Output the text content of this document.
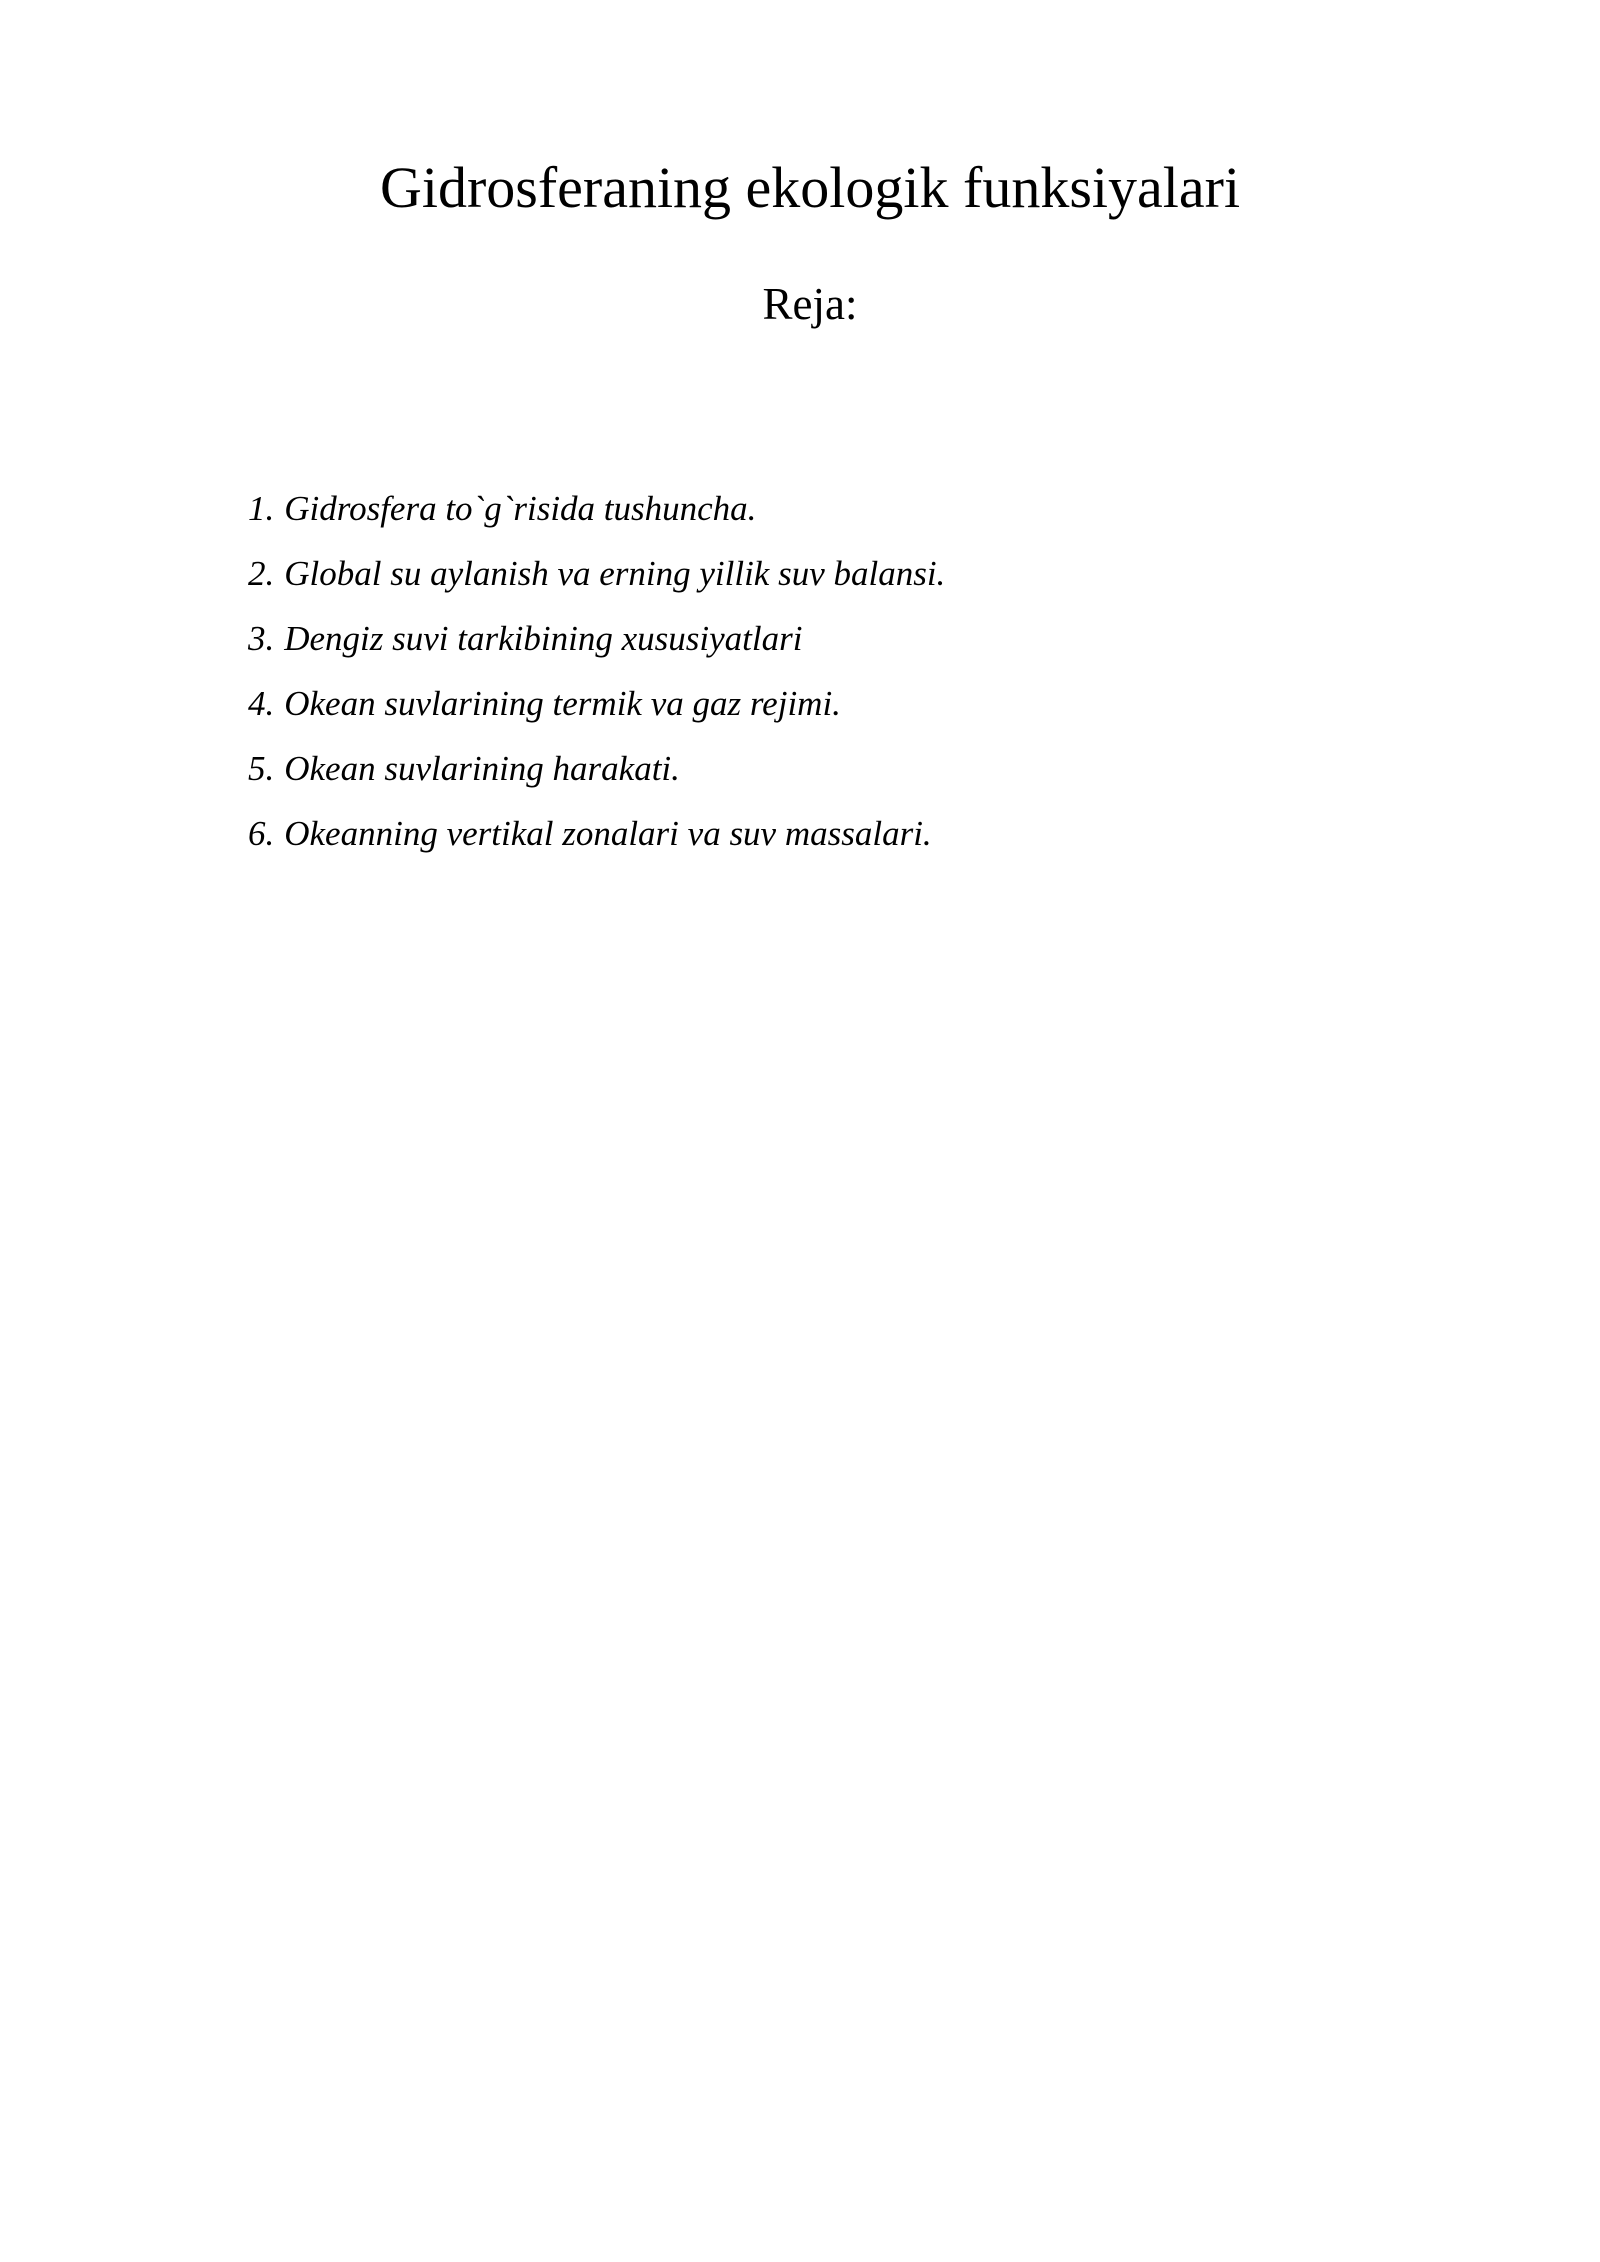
Gidrosferaning ekologik funksiyalari
Reja:
1. Gidrosfera to`g`risida tushuncha.
2. Global su aylanish va erning yillik suv balansi.
3. Dengiz suvi tarkibining xususiyatlari
4. Okean suvlarining termik va gaz rejimi.
5. Okean suvlarining harakati.
6. Okeanning vertikal zonalari va suv massalari.
